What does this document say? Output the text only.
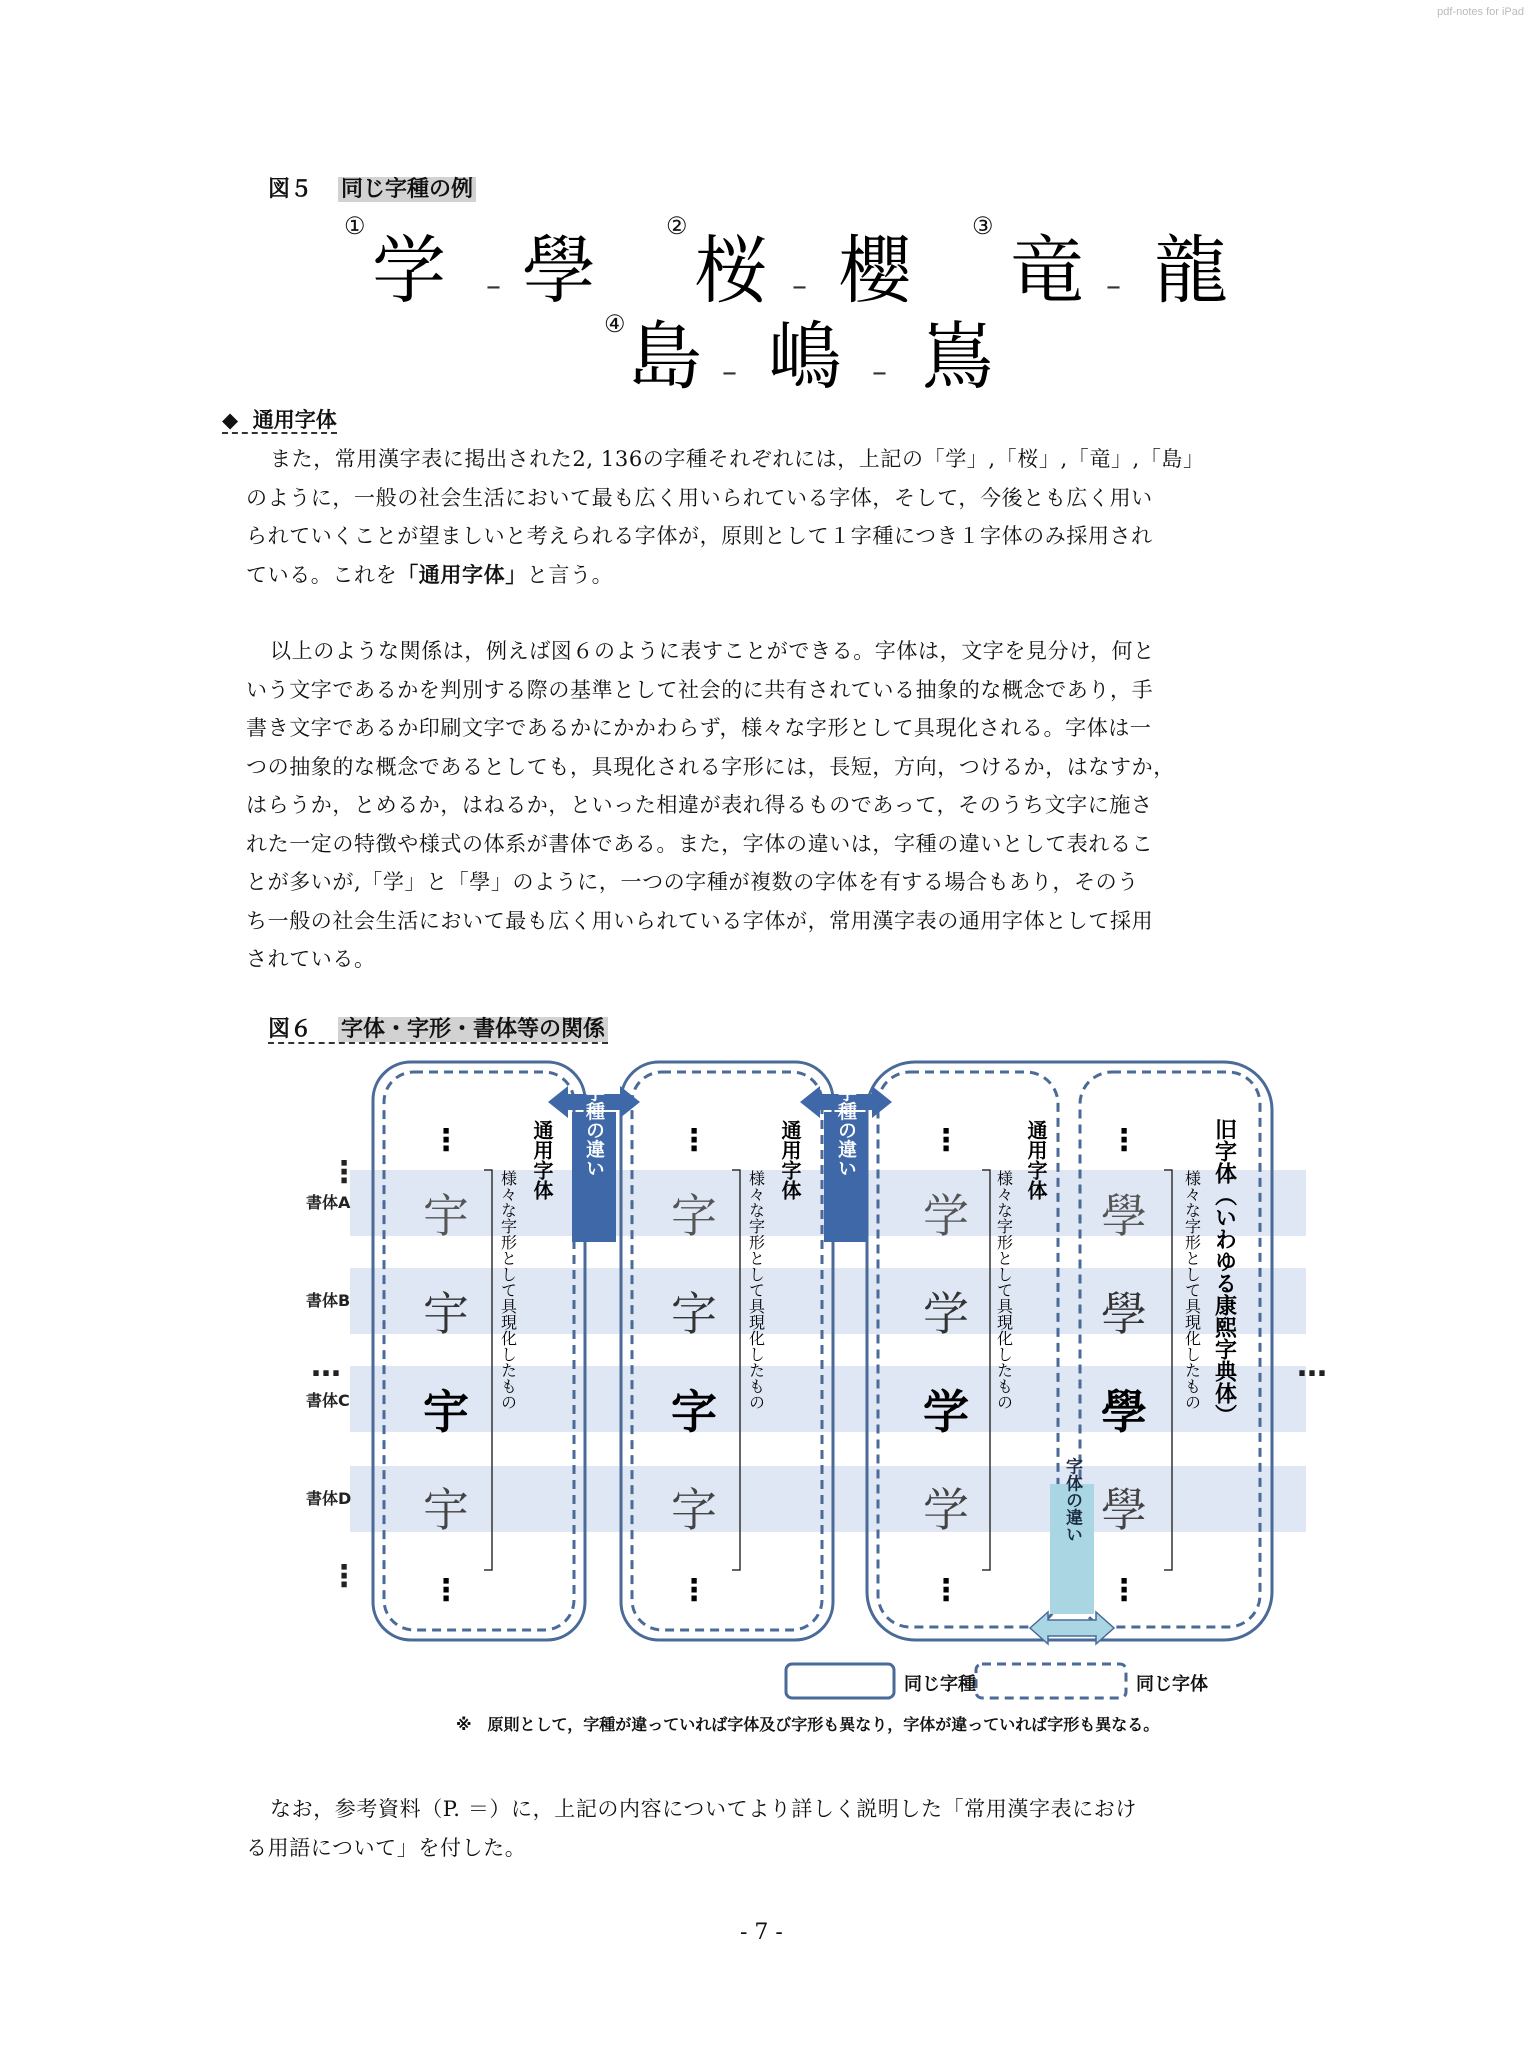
pdf-notes for iPad
図５ 同じ字種の例
①
学 – 學
②
桜 – 櫻
③
竜 – 龍
④ 島 – 嶋 – 嶌
◆ 通用字体
また，常用漢字表に掲出された2, 136の字種それぞれには，上記の「学」,「桜」,「竜」,「島」
のように，一般の社会生活において最も広く用いられている字体，そして，今後とも広く用い
られていくことが望ましいと考えられる字体が，原則として１字種につき１字体のみ採用され
ている。これを「通用字体」と言う。
以上のような関係は，例えば図６のように表すことができる。字体は，文字を見分け，何と
いう文字であるかを判別する際の基準として社会的に共有されている抽象的な概念であり，手
書き文字であるか印刷文字であるかにかかわらず，様々な字形として具現化される。字体は一
つの抽象的な概念であるとしても，具現化される字形には，長短，方向，つけるか，はなすか，
はらうか，とめるか，はねるか，といった相違が表れ得るものであって，そのうち文字に施さ
れた一定の特徴や様式の体系が書体である。また，字体の違いは，字種の違いとして表れるこ
とが多いが,「学」と「學」のように，一つの字種が複数の字体を有する場合もあり，そのう
ち一般の社会生活において最も広く用いられている字体が，常用漢字表の通用字体として採用
されている。
図６ 字体・字形・書体等の関係
字種の違い	字種の違い
字体の違い
書体A
書体B
書体C
書体D
⋮
⋮
…	…
⋮
宇
宇
宇
宇
⋮
通用字体
様々な字形として具現化したもの
⋮
字
字
字
字
⋮
通用字体
様々な字形として具現化したもの
⋮
学
学
学
学
⋮
通用字体
様々な字形として具現化したもの
⋮
學
學
學
學
⋮
旧字体（いわゆる康熙字典体）
様々な字形として具現化したもの
同じ字種	同じ字体
※　原則として，字種が違っていれば字体及び字形も異なり，字体が違っていれば字形も異なる。
なお，参考資料（P. ＝）に，上記の内容についてより詳しく説明した「常用漢字表におけ
る用語について」を付した。
- 7 -
